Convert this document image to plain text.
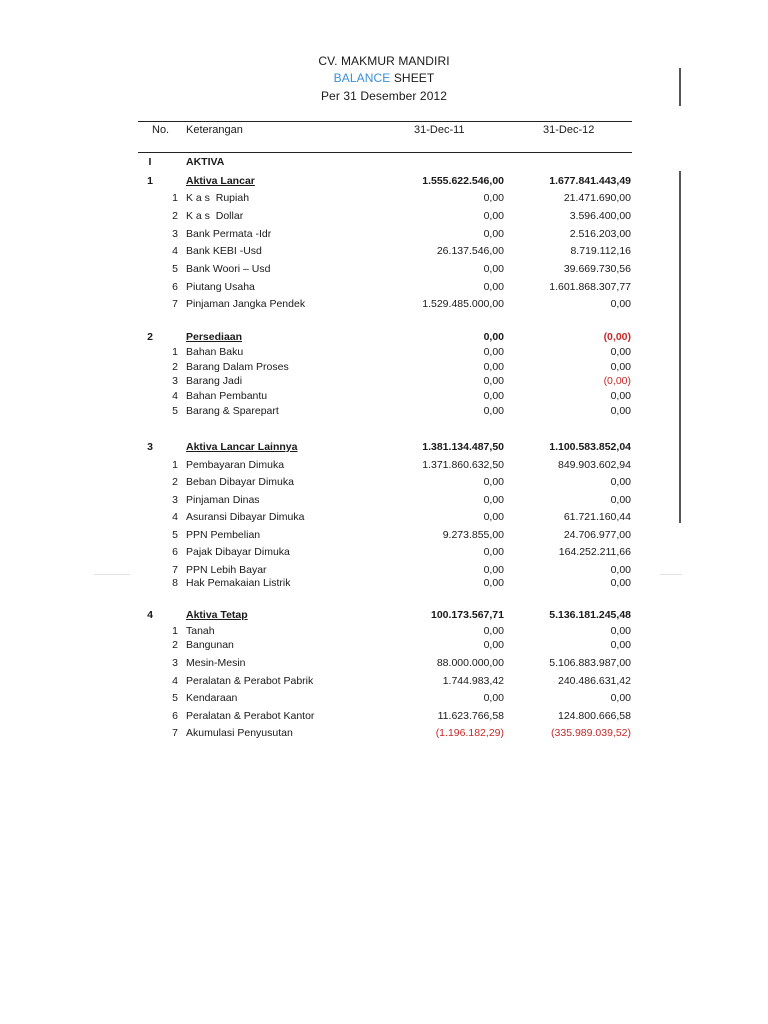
CV. MAKMUR MANDIRI
BALANCE SHEET
Per 31 Desember 2012
No. Keterangan	31-Dec-11	31-Dec-12
I	AKTIVA
1	Aktiva Lancar	1.555.622.546,00	1.677.841.443,49
1 K a s  Rupiah	0,00	21.471.690,00
2 K a s  Dollar	0,00	3.596.400,00
3 Bank Permata -Idr	0,00	2.516.203,00
4 Bank KEBI -Usd	26.137.546,00	8.719.112,16
5 Bank Woori – Usd	0,00	39.669.730,56
6 Piutang Usaha	0,00	1.601.868.307,77
7 Pinjaman Jangka Pendek	1.529.485.000,00	0,00
2	Persediaan	0,00	(0,00)
1 Bahan Baku	0,00	0,00
2 Barang Dalam Proses	0,00	0,00
3 Barang Jadi	0,00	(0,00)
4 Bahan Pembantu	0,00	0,00
5 Barang & Sparepart	0,00	0,00
3	Aktiva Lancar Lainnya	1.381.134.487,50	1.100.583.852,04
1 Pembayaran Dimuka	1.371.860.632,50	849.903.602,94
2 Beban Dibayar Dimuka	0,00	0,00
3 Pinjaman Dinas	0,00	0,00
4 Asuransi Dibayar Dimuka	0,00	61.721.160,44
5 PPN Pembelian	9.273.855,00	24.706.977,00
6 Pajak Dibayar Dimuka	0,00	164.252.211,66
7 PPN Lebih Bayar	0,00	0,00
8 Hak Pemakaian Listrik	0,00	0,00
4	Aktiva Tetap	100.173.567,71	5.136.181.245,48
1 Tanah	0,00	0,00
2 Bangunan	0,00	0,00
3 Mesin-Mesin	88.000.000,00	5.106.883.987,00
4 Peralatan & Perabot Pabrik	1.744.983,42	240.486.631,42
5 Kendaraan	0,00	0,00
6 Peralatan & Perabot Kantor	11.623.766,58	124.800.666,58
7 Akumulasi Penyusutan	(1.196.182,29)	(335.989.039,52)
